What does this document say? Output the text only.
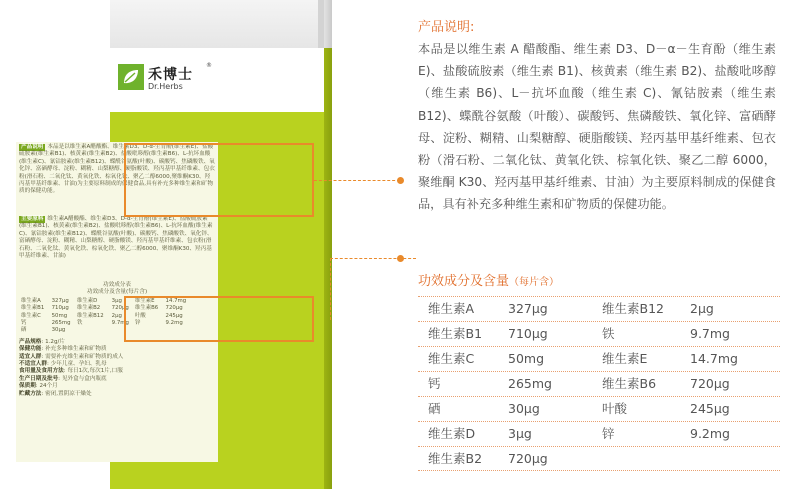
禾博士
®
Dr.Herbs
产品说明 本品是以维生素A醋酸酯、维生素D3、D-α-生育酚(维生素E)、盐酸硫胺素(维生素B1)、核黄素(维生素B2)、盐酸吡哆醇(维生素B6)、L-抗坏血酸(维生素C)、氰钴胺素(维生素B12)、蝶酰谷氨酸(叶酸)、碳酸钙、焦磷酸铁、氧化锌、富硒酵母、淀粉、糊精、山梨糖醇、硬脂酸镁、羟丙基甲基纤维素、包衣粉(滑石粉、二氧化钛、黄氧化铁、棕氧化铁、聚乙二醇6000,聚维酮K30、羟丙基甲基纤维素、甘油)为主要原料制成的保健食品,具有补充多种维生素和矿物质的保健功能。
主要原料 维生素A醋酸酯、维生素D3、D-α-生育酚(维生素E)、盐酸硫胺素(维生素B1)、核黄素(维生素B2)、盐酸吡哆醇(维生素B6)、L-抗坏血酸(维生素C)、氰钴胺素(维生素B12)、蝶酰谷氨酸(叶酸)、碳酸钙、焦磷酸铁、氧化锌、富硒酵母、淀粉、糊精、山梨糖醇、硬脂酸镁、羟丙基甲基纤维素、包衣粉(滑石粉、二氧化钛、黄氧化铁、棕氧化铁、聚乙二醇6000、聚维酮K30、羟丙基甲基纤维素、甘油)
功效成分表
功效成分及含量(每片含)
维生素A	327μg	维生素D	3μg	维生素E	14.7mg
维生素B1	710μg	维生素B2	720μg	维生素B6	720μg
维生素C	50mg	维生素B12	2μg	叶酸	245μg
钙	265mg	铁	9.7mg	锌	9.2mg
硒	30μg				
产品规格: 1.2g/片
保健功能: 补充多种维生素和矿物质
适宜人群: 需要补充维生素和矿物质的成人
不适宜人群: 少年儿童、孕妇、乳母
食用量及食用方法: 每日1次,每次1片,口服
生产日期及批号: 见外盒与盒内瓶底
保质期: 24个月
贮藏方法: 密闭,置阴凉干燥处
产品说明:
本品是以维生素 A 醋酸酯、维生素 D3、D－α－生育酚（维生素 E)、盐酸硫胺素（维生素 B1)、核黄素（维生素 B2)、盐酸吡哆醇（维生素 B6)、L－抗坏血酸（维生素 C)、氰钴胺素（维生素 B12)、蝶酰谷氨酸（叶酸）、碳酸钙、焦磷酸铁、氧化锌、富硒酵母、淀粉、糊精、山梨糖醇、硬脂酸镁、羟丙基甲基纤维素、包衣粉（滑石粉、二氧化钛、黄氧化铁、棕氧化铁、聚乙二醇 6000，聚维酮 K30、羟丙基甲基纤维素、甘油）为主要原料制成的保健食品，具有补充多种维生素和矿物质的保健功能。
功效成分及含量（每片含）
维生素A	327μg	维生素B12 2μg
维生素B1 710μg	铁	9.7mg
维生素C	50mg	维生素E	14.7mg
钙	265mg	维生素B6	720μg
硒	30μg	叶酸	245μg
维生素D	3μg	锌	9.2mg
维生素B2 720μg
